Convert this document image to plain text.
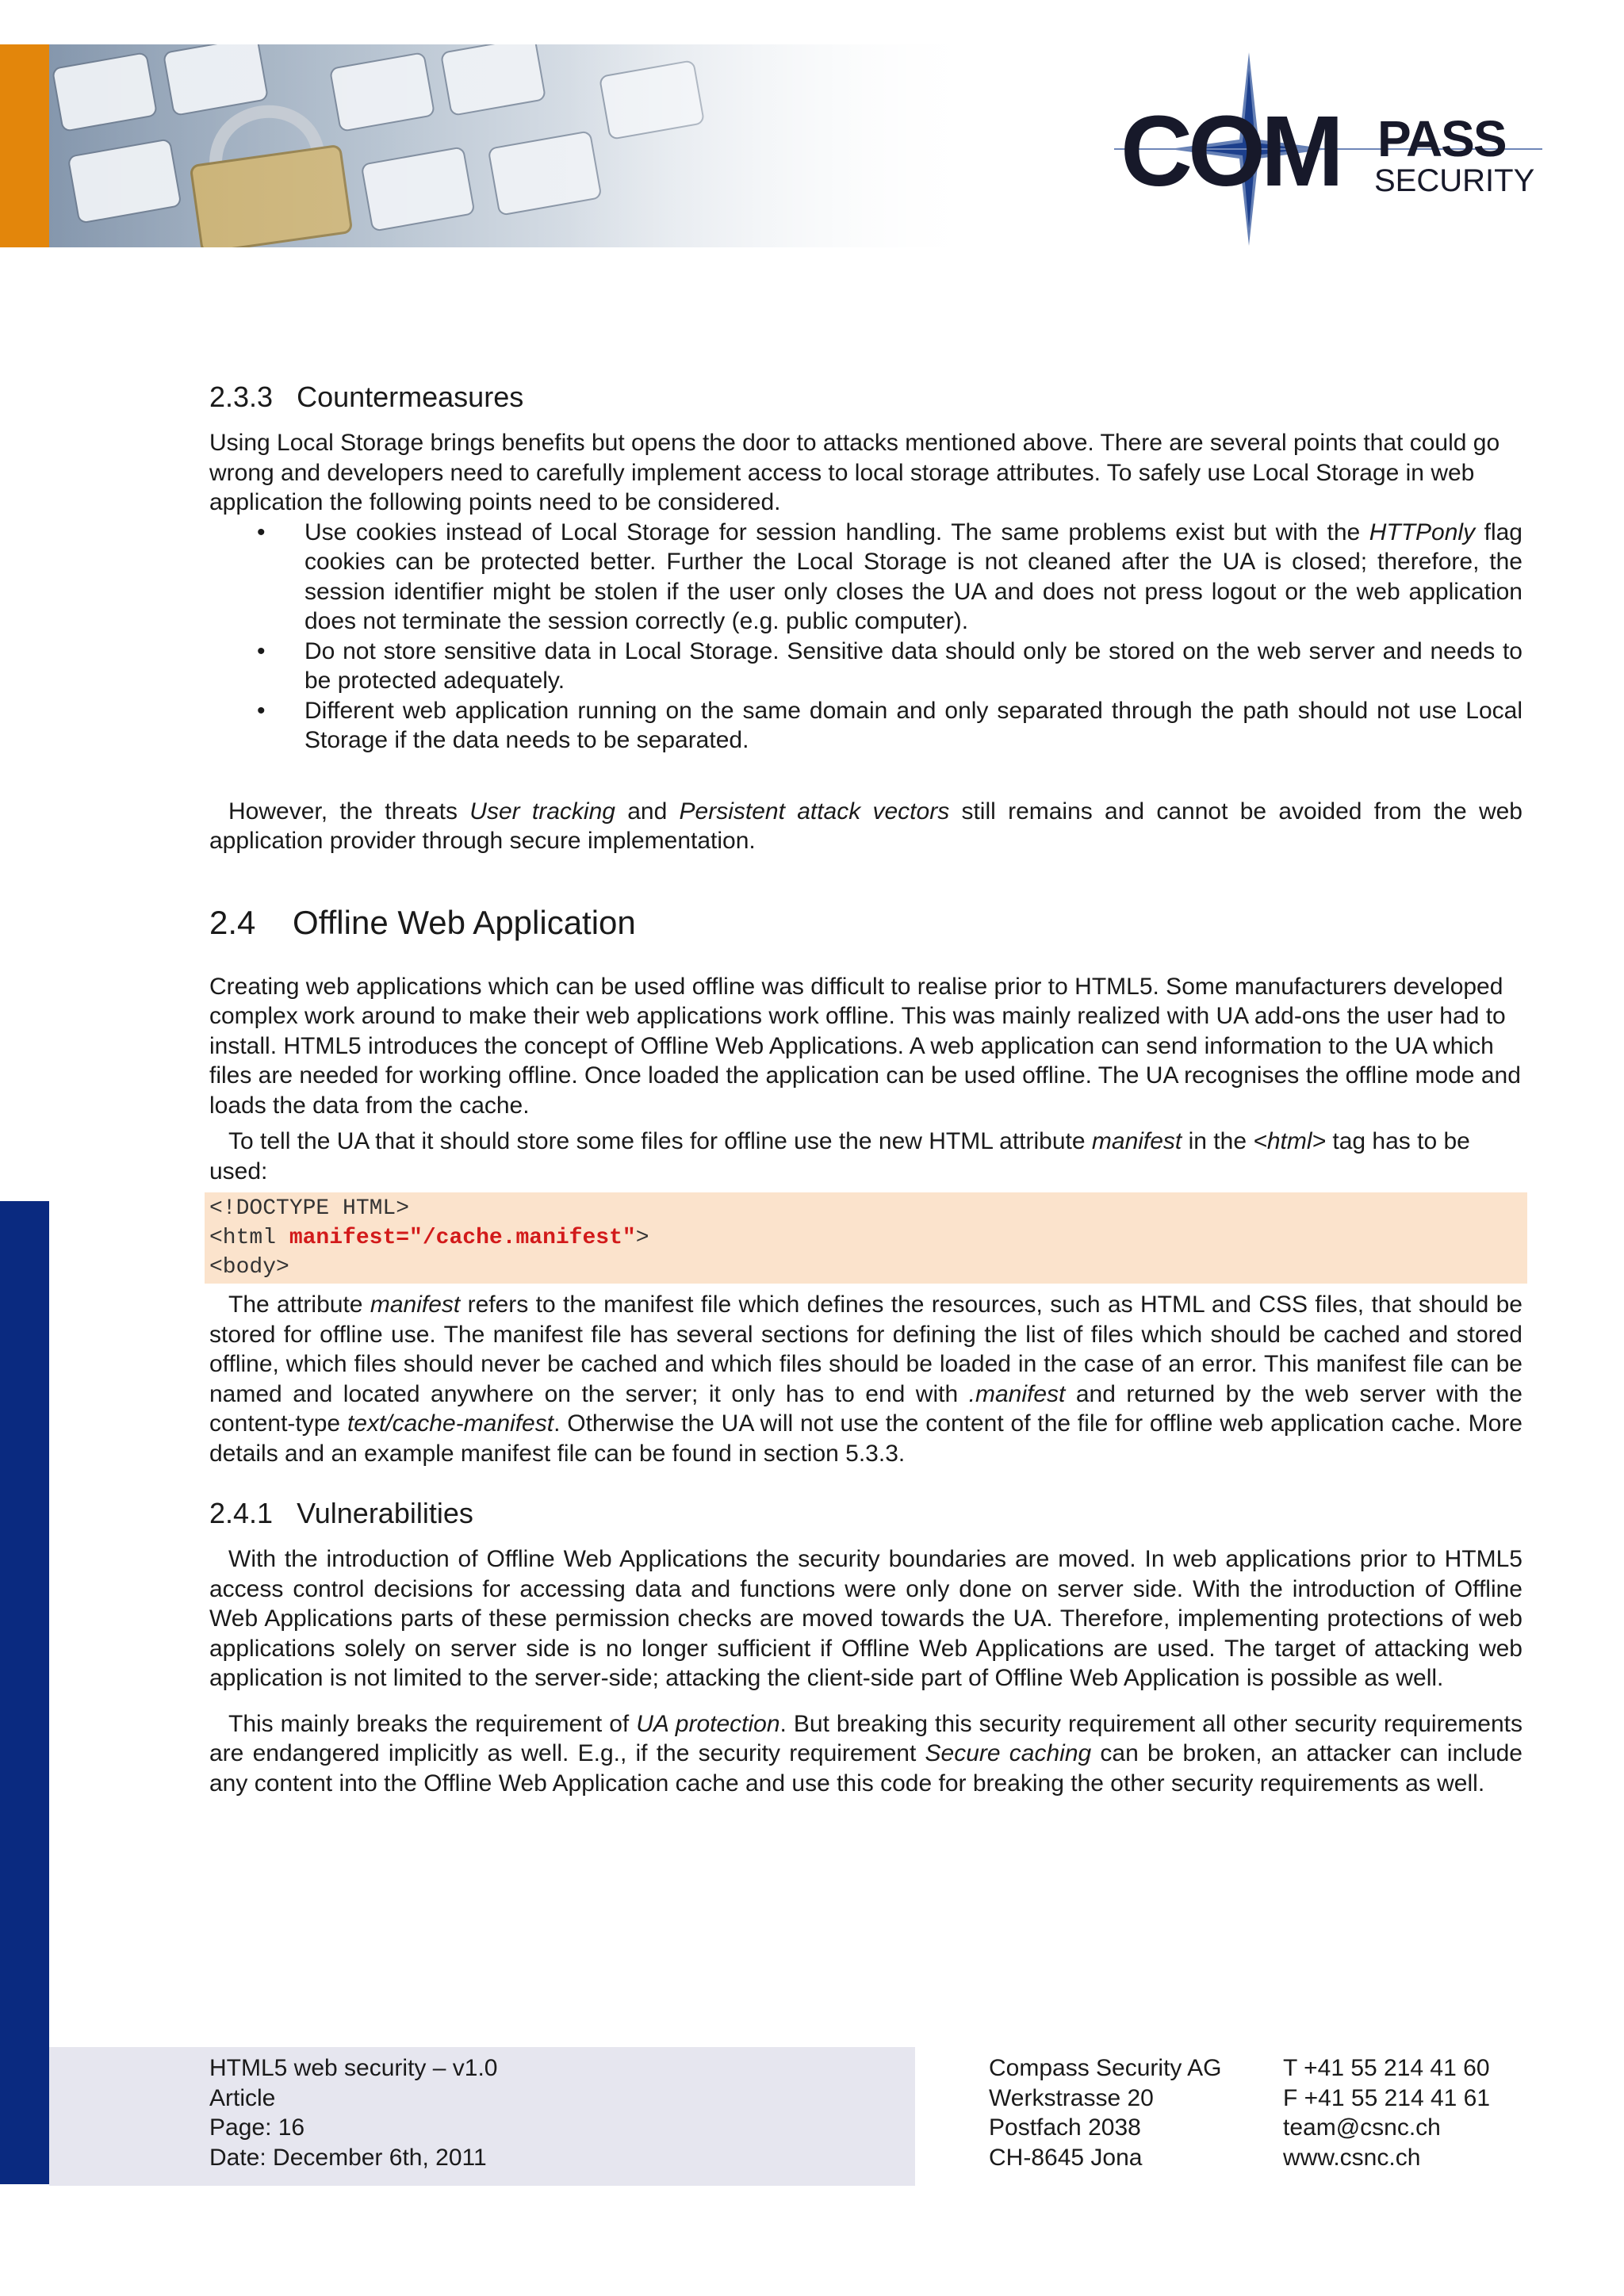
COM PASS
SECURITY
2.3.3   Countermeasures

Using Local Storage brings benefits but opens the door to attacks mentioned above. There are several points that could go wrong and developers need to carefully implement access to local storage attributes. To safely use Local Storage in web application the following points need to be considered.

• Use cookies instead of Local Storage for session handling. The same problems exist but with the HTTPonly flag cookies can be protected better. Further the Local Storage is not cleaned after the UA is closed; therefore, the session identifier might be stolen if the user only closes the UA and does not press logout or the web application does not terminate the session correctly (e.g. public computer).
• Do not store sensitive data in Local Storage. Sensitive data should only be stored on the web server and needs to be protected adequately.
• Different web application running on the same domain and only separated through the path should not use Local Storage if the data needs to be separated.

However, the threats User tracking and Persistent attack vectors still remains and cannot be avoided from the web application provider through secure implementation.

2.4    Offline Web Application

Creating web applications which can be used offline was difficult to realise prior to HTML5. Some manufacturers developed complex work around to make their web applications work offline. This was mainly realized with UA add-ons the user had to install. HTML5 introduces the concept of Offline Web Applications. A web application can send information to the UA which files are needed for working offline. Once loaded the application can be used offline. The UA recognises the offline mode and loads the data from the cache.

To tell the UA that it should store some files for offline use the new HTML attribute manifest in the <html> tag has to be used:

<!DOCTYPE HTML>
<html manifest="/cache.manifest">
<body>

The attribute manifest refers to the manifest file which defines the resources, such as HTML and CSS files, that should be stored for offline use. The manifest file has several sections for defining the list of files which should be cached and stored offline, which files should never be cached and which files should be loaded in the case of an error. This manifest file can be named and located anywhere on the server; it only has to end with .manifest and returned by the web server with the content-type text/cache-manifest. Otherwise the UA will not use the content of the file for offline web application cache. More details and an example manifest file can be found in section 5.3.3.

2.4.1   Vulnerabilities

With the introduction of Offline Web Applications the security boundaries are moved. In web applications prior to HTML5 access control decisions for accessing data and functions were only done on server side. With the introduction of Offline Web Applications parts of these permission checks are moved towards the UA. Therefore, implementing protections of web applications solely on server side is no longer sufficient if Offline Web Applications are used. The target of attacking web application is not limited to the server-side; attacking the client-side part of Offline Web Application is possible as well.

This mainly breaks the requirement of UA protection. But breaking this security requirement all other security requirements are endangered implicitly as well. E.g., if the security requirement Secure caching can be broken, an attacker can include any content into the Offline Web Application cache and use this code for breaking the other security requirements as well.

HTML5 web security – v1.0
Article
Page: 16
Date: December 6th, 2011
Compass Security AG
Werkstrasse 20
Postfach 2038
CH-8645 Jona
T +41 55 214 41 60
F +41 55 214 41 61
team@csnc.ch
www.csnc.ch
